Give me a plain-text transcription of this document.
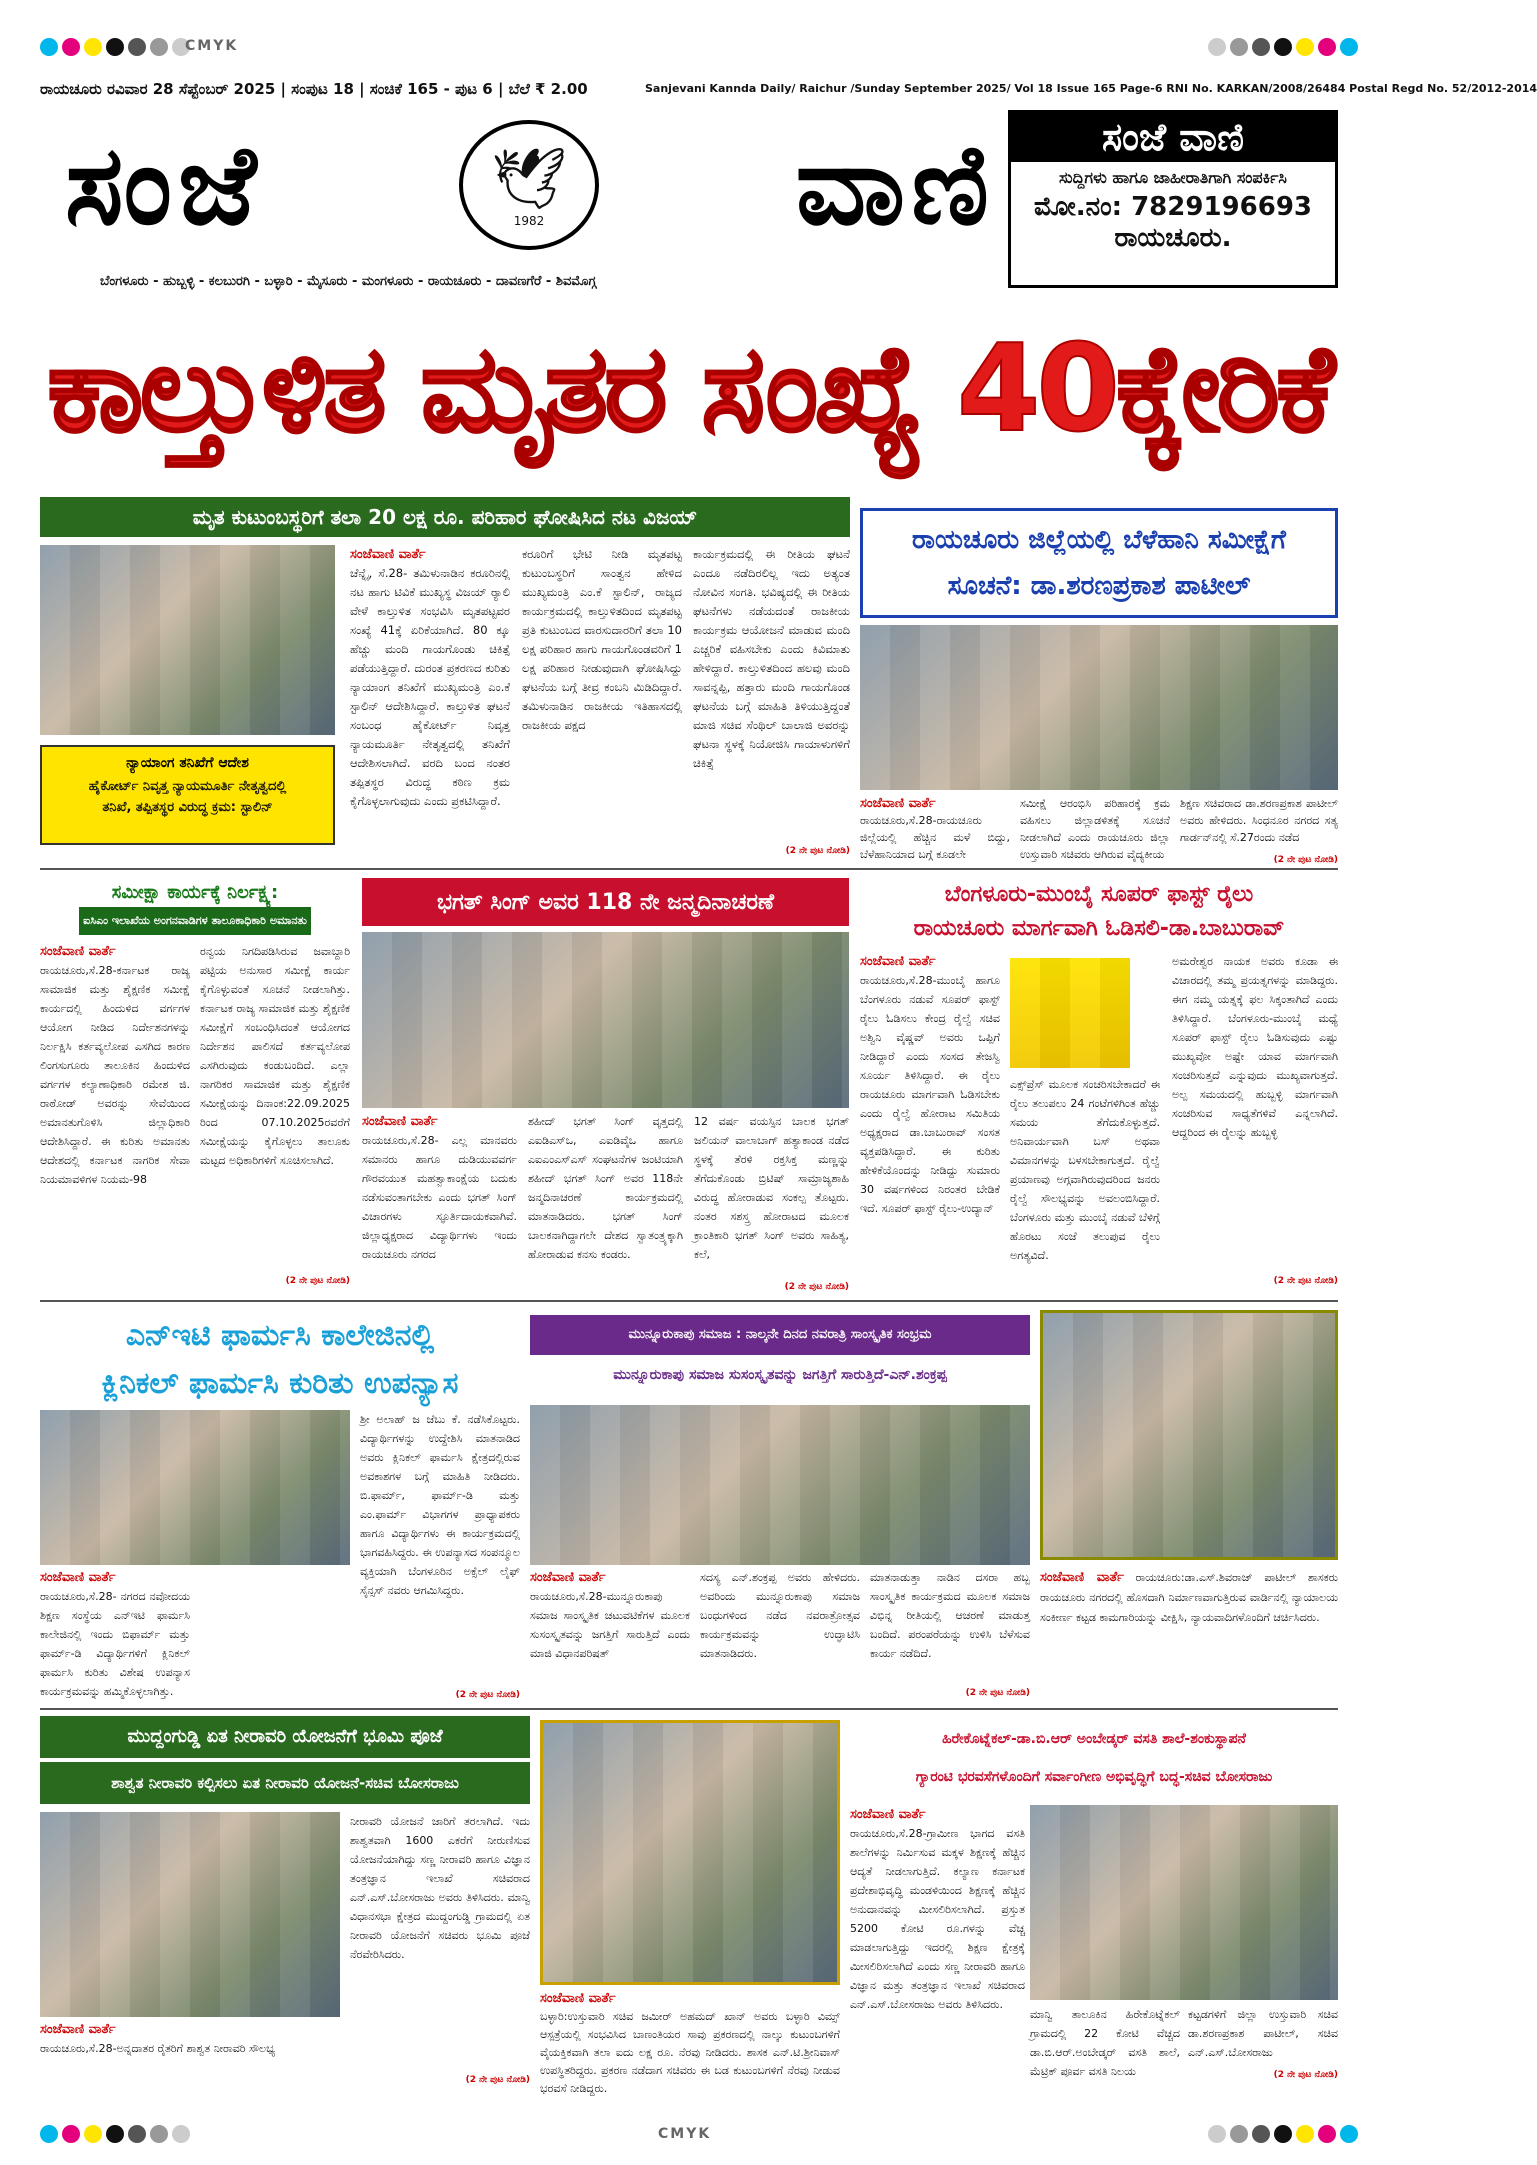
CMYK
CMYK
ರಾಯಚೂರು ರವಿವಾರ 28 ಸೆಪ್ಟೆಂಬರ್ 2025 | ಸಂಪುಟ 18 | ಸಂಚಿಕೆ 165 - ಪುಟ 6 | ಬೆಲೆ ₹ 2.00	Sanjevani Kannda Daily/ Raichur /Sunday September 2025/ Vol 18 Issue 165 Page-6 RNI No. KARKAN/2008/26484 Postal Regd No. 52/2012-2014
ಸಂಜೆ	🕊
1982 ವಾಣಿ
ಬೆಂಗಳೂರು - ಹುಬ್ಬಳ್ಳಿ - ಕಲಬುರಗಿ - ಬಳ್ಳಾರಿ - ಮೈಸೂರು - ಮಂಗಳೂರು - ರಾಯಚೂರು - ದಾವಣಗೆರೆ - ಶಿವಮೊಗ್ಗ
ಸಂಜೆ ವಾಣಿ
ಸುದ್ದಿಗಳು ಹಾಗೂ ಜಾಹೀರಾತಿಗಾಗಿ ಸಂಪರ್ಕಿಸಿ
ಮೋ.ನಂ: 7829196693
ರಾಯಚೂರು.
ಕಾಲ್ತುಳಿತ ಮೃತರ ಸಂಖ್ಯೆ 40ಕ್ಕೇರಿಕೆ
ಮೃತ ಕುಟುಂಬಸ್ಥರಿಗೆ ತಲಾ 20 ಲಕ್ಷ ರೂ. ಪರಿಹಾರ ಘೋಷಿಸಿದ ನಟ ವಿಜಯ್
ನ್ಯಾಯಾಂಗ ತನಿಖೆಗೆ ಆದೇಶ
ಹೈಕೋರ್ಟ್ ನಿವೃತ್ತ ನ್ಯಾಯಮೂರ್ತಿ ನೇತೃತ್ವದಲ್ಲಿ
ತನಿಖೆ, ತಪ್ಪಿತಸ್ಥರ ವಿರುದ್ಧ ಕ್ರಮ: ಸ್ಟಾಲಿನ್
ಸಂಜೆವಾಣಿ ವಾರ್ತೆ
ಚೆನ್ನೈ, ಸೆ.28- ತಮಿಳುನಾಡಿನ ಕರೂರಿನಲ್ಲಿ ನಟ ಹಾಗು ಟಿವಿಕೆ ಮುಖ್ಯಸ್ಥ ವಿಜಯ್ ರ್‍ಯಾಲಿ ವೇಳೆ ಕಾಲ್ತುಳಿತ ಸಂಭವಿಸಿ ಮೃತಪಟ್ಟವರ ಸಂಖ್ಯೆ 41ಕ್ಕೆ ಏರಿಕೆಯಾಗಿದೆ. 80 ಕ್ಕೂ ಹೆಚ್ಚು ಮಂದಿ ಗಾಯಗೊಂಡು ಚಿಕಿತ್ಸೆ ಪಡೆಯುತ್ತಿದ್ದಾರೆ. ದುರಂತ ಪ್ರಕರಣದ ಕುರಿತು ನ್ಯಾಯಾಂಗ ತನಿಖೆಗೆ ಮುಖ್ಯಮಂತ್ರಿ ಎಂ.ಕೆ ಸ್ಟಾಲಿನ್ ಆದೇಶಿಸಿದ್ದಾರೆ. ಕಾಲ್ತುಳಿತ ಘಟನೆ ಸಂಬಂಧ ಹೈಕೋರ್ಟ್ ನಿವೃತ್ತ ನ್ಯಾಯಮೂರ್ತಿ ನೇತೃತ್ವದಲ್ಲಿ ತನಿಖೆಗೆ ಆದೇಶಿಸಲಾಗಿದೆ. ವರದಿ ಬಂದ ನಂತರ ತಪ್ಪಿತಸ್ಥರ ವಿರುದ್ಧ ಕಠಿಣ ಕ್ರಮ ಕೈಗೊಳ್ಳಲಾಗುವುದು ಎಂದು ಪ್ರಕಟಿಸಿದ್ದಾರೆ.
ಕರೂರಿಗೆ ಭೇಟಿ ನೀಡಿ ಮೃತಪಟ್ಟ ಕುಟುಂಬಸ್ಥರಿಗೆ ಸಾಂತ್ವನ ಹೇಳಿದ ಮುಖ್ಯಮಂತ್ರಿ ಎಂ.ಕೆ ಸ್ಟಾಲಿನ್, ರಾಜ್ಯದ ಕಾರ್ಯಕ್ರಮದಲ್ಲಿ ಕಾಲ್ತುಳಿತದಿಂದ ಮೃತಪಟ್ಟ ಪ್ರತಿ ಕುಟುಂಬದ ವಾರಸುದಾರರಿಗೆ ತಲಾ 10 ಲಕ್ಷ ಪರಿಹಾರ ಹಾಗು ಗಾಯಗೊಂಡವರಿಗೆ 1 ಲಕ್ಷ ಪರಿಹಾರ ನೀಡುವುದಾಗಿ ಘೋಷಿಸಿದ್ದು ಘಟನೆಯ ಬಗ್ಗೆ ತೀವ್ರ ಕಂಬನಿ ಮಿಡಿದಿದ್ದಾರೆ. ತಮಿಳುನಾಡಿನ ರಾಜಕೀಯ ಇತಿಹಾಸದಲ್ಲಿ ರಾಜಕೀಯ ಪಕ್ಷದ
ಕಾರ್ಯಕ್ರಮದಲ್ಲಿ ಈ ರೀತಿಯ ಘಟನೆ ಎಂದೂ ನಡೆದಿರಲಿಲ್ಲ ಇದು ಅತ್ಯಂತ ನೋವಿನ ಸಂಗತಿ. ಭವಿಷ್ಯದಲ್ಲಿ ಈ ರೀತಿಯ ಘಟನೆಗಳು ನಡೆಯದಂತೆ ರಾಜಕೀಯ ಕಾರ್ಯಕ್ರಮ ಆಯೋಜನೆ ಮಾಡುವ ಮಂದಿ ಎಚ್ಚರಿಕೆ ವಹಿಸಬೇಕು ಎಂದು ಕಿವಿಮಾತು ಹೇಳಿದ್ದಾರೆ. ಕಾಲ್ತುಳಿತದಿಂದ ಹಲವು ಮಂದಿ ಸಾವನ್ನಪ್ಪಿ, ಹತ್ತಾರು ಮಂದಿ ಗಾಯಗೊಂಡ ಘಟನೆಯ ಬಗ್ಗೆ ಮಾಹಿತಿ ತಿಳಿಯುತ್ತಿದ್ದಂತೆ ಮಾಜಿ ಸಚಿವ ಸೆಂಥಿಲ್ ಬಾಲಾಜಿ ಅವರನ್ನು ಘಟನಾ ಸ್ಥಳಕ್ಕೆ ನಿಯೋಜಿಸಿ ಗಾಯಾಳುಗಳಿಗೆ ಚಿಕಿತ್ಸೆ
(2 ನೇ ಪುಟ ನೋಡಿ)
ರಾಯಚೂರು ಜಿಲ್ಲೆಯಲ್ಲಿ ಬೆಳೆಹಾನಿ ಸಮೀಕ್ಷೆಗೆ
ಸೂಚನೆ: ಡಾ.ಶರಣಪ್ರಕಾಶ ಪಾಟೀಲ್
ಸಂಜೆವಾಣಿ ವಾರ್ತೆ
ರಾಯಚೂರು,ಸೆ.28-ರಾಯಚೂರು ಜಿಲ್ಲೆಯಲ್ಲಿ ಹೆಚ್ಚಿನ ಮಳೆ ಬಿದ್ದು, ಬೆಳೆಹಾನಿಯಾದ ಬಗ್ಗೆ ಕೂಡಲೇ
ಸಮೀಕ್ಷೆ ಆರಂಭಿಸಿ ಪರಿಹಾರಕ್ಕೆ ಕ್ರಮ ವಹಿಸಲು ಜಿಲ್ಲಾಡಳಿತಕ್ಕೆ ಸೂಚನೆ ನೀಡಲಾಗಿದೆ ಎಂದು ರಾಯಚೂರು ಜಿಲ್ಲಾ ಉಸ್ತುವಾರಿ ಸಚಿವರು ಆಗಿರುವ ವೈದ್ಯಕೀಯ
ಶಿಕ್ಷಣ ಸಚಿವರಾದ ಡಾ.ಶರಣಪ್ರಕಾಶ ಪಾಟೀಲ್ ಅವರು ಹೇಳಿದರು. ಸಿಂಧನೂರ ನಗರದ ಸತ್ಯ ಗಾರ್ಡನ್‌ನಲ್ಲಿ ಸೆ.27ರಂದು ನಡೆದ
(2 ನೇ ಪುಟ ನೋಡಿ)
ಸಮೀಕ್ಷಾ ಕಾರ್ಯಕ್ಕೆ ನಿರ್ಲಕ್ಷ್ಯ:
ಐಸಿಎಂ ಇಲಾಖೆಯ ಅಂಗನವಾಡಿಗಳ ತಾಲೂಕಾಧಿಕಾರಿ ಅಮಾನತು
ಸಂಜೆವಾಣಿ ವಾರ್ತೆ
ರಾಯಚೂರು,ಸೆ.28-ಕರ್ನಾಟಕ ರಾಜ್ಯ ಸಾಮಾಜಿಕ ಮತ್ತು ಶೈಕ್ಷಣಿಕ ಸಮೀಕ್ಷೆ ಕಾರ್ಯದಲ್ಲಿ ಹಿಂದುಳಿದ ವರ್ಗಗಳ ಆಯೋಗ ನೀಡಿದ ನಿರ್ದೇಶನಗಳನ್ನು ನಿರ್ಲಕ್ಷಿಸಿ ಕರ್ತವ್ಯಲೋಪ ಎಸಗಿದ ಕಾರಣ ಲಿಂಗಸುಗೂರು ತಾಲೂಕಿನ ಹಿಂದುಳಿದ ವರ್ಗಗಳ ಕಲ್ಯಾಣಾಧಿಕಾರಿ ರಮೇಶ ಜಿ. ರಾಠೋಡ್ ಅವರನ್ನು ಸೇವೆಯಿಂದ ಅಮಾನತುಗೊಳಿಸಿ ಜಿಲ್ಲಾಧಿಕಾರಿ ಆದೇಶಿಸಿದ್ದಾರೆ. ಈ ಕುರಿತು ಅಮಾನತು ಆದೇಶದಲ್ಲಿ ಕರ್ನಾಟಕ ನಾಗರಿಕ ಸೇವಾ ನಿಯಮಾವಳಿಗಳ ನಿಯಮ-98
ರನ್ವಯ ನಿಗದಿಪಡಿಸಿರುವ ಜವಾಬ್ದಾರಿ ಪಟ್ಟಿಯ ಅನುಸಾರ ಸಮೀಕ್ಷೆ ಕಾರ್ಯ ಕೈಗೊಳ್ಳುವಂತೆ ಸೂಚನೆ ನೀಡಲಾಗಿತ್ತು. ಕರ್ನಾಟಕ ರಾಜ್ಯ ಸಾಮಾಜಿಕ ಮತ್ತು ಶೈಕ್ಷಣಿಕ ಸಮೀಕ್ಷೆಗೆ ಸಂಬಂಧಿಸಿದಂತೆ ಆಯೋಗದ ನಿರ್ದೇಶನ ಪಾಲಿಸದೆ ಕರ್ತವ್ಯಲೋಪ ಎಸಗಿರುವುದು ಕಂಡುಬಂದಿದೆ. ಎಲ್ಲಾ ನಾಗರಿಕರ ಸಾಮಾಜಿಕ ಮತ್ತು ಶೈಕ್ಷಣಿಕ ಸಮೀಕ್ಷೆಯನ್ನು ದಿನಾಂಕ:22.09.2025 ರಿಂದ 07.10.2025ರವರೆಗೆ ಸಮೀಕ್ಷೆಯನ್ನು ಕೈಗೊಳ್ಳಲು ತಾಲೂಕು ಮಟ್ಟದ ಅಧಿಕಾರಿಗಳಿಗೆ ಸೂಚಿಸಲಾಗಿದೆ.
(2 ನೇ ಪುಟ ನೋಡಿ)
ಭಗತ್ ಸಿಂಗ್ ಅವರ 118 ನೇ ಜನ್ಮದಿನಾಚರಣೆ
ಸಂಜೆವಾಣಿ ವಾರ್ತೆ
ರಾಯಚೂರು,ಸೆ.28- ಎಲ್ಲ ಮಾನವರು ಸಮಾನರು ಹಾಗೂ ದುಡಿಯುವವರ್ಗ ಗೌರವಯುತ ಮಹತ್ವಾಕಾಂಕ್ಷೆಯ ಬದುಕು ನಡೆಸುವಂತಾಗಬೇಕು ಎಂದು ಭಗತ್ ಸಿಂಗ್ ವಿಚಾರಗಳು ಸ್ಫೂರ್ತಿದಾಯಕವಾಗಿವೆ. ಜಿಲ್ಲಾಧ್ಯಕ್ಷರಾದ ವಿದ್ಯಾರ್ಥಿಗಳು ಇಂದು ರಾಯಚೂರು ನಗರದ
ಶಹೀದ್ ಭಗತ್ ಸಿಂಗ್ ವೃತ್ತದಲ್ಲಿ ಎಐಡಿಎಸ್‌ಒ, ಎಐಡಿವೈಒ ಹಾಗೂ ಎಐಎಂಎಸ್‌ಎಸ್ ಸಂಘಟನೆಗಳ ಜಂಟಿಯಾಗಿ ಶಹೀದ್ ಭಗತ್ ಸಿಂಗ್ ಅವರ 118ನೇ ಜನ್ಮದಿನಾಚರಣೆ ಕಾರ್ಯಕ್ರಮದಲ್ಲಿ ಮಾತನಾಡಿದರು. ಭಗತ್ ಸಿಂಗ್ ಬಾಲಕನಾಗಿದ್ದಾಗಲೇ ದೇಶದ ಸ್ವಾತಂತ್ರ್ಯಕ್ಕಾಗಿ ಹೋರಾಡುವ ಕನಸು ಕಂಡರು.
12 ವರ್ಷ ವಯಸ್ಸಿನ ಬಾಲಕ ಭಗತ್ ಜಲಿಯನ್ ವಾಲಾಬಾಗ್ ಹತ್ಯಾಕಾಂಡ ನಡೆದ ಸ್ಥಳಕ್ಕೆ ತೆರಳಿ ರಕ್ತಸಿಕ್ತ ಮಣ್ಣನ್ನು ತೆಗೆದುಕೊಂಡು ಬ್ರಿಟಿಷ್ ಸಾಮ್ರಾಜ್ಯಶಾಹಿ ವಿರುದ್ಧ ಹೋರಾಡುವ ಸಂಕಲ್ಪ ತೊಟ್ಟರು. ನಂತರ ಸಶಸ್ತ್ರ ಹೋರಾಟದ ಮೂಲಕ ಕ್ರಾಂತಿಕಾರಿ ಭಗತ್ ಸಿಂಗ್ ಅವರು ಸಾಹಿತ್ಯ, ಕಲೆ,
(2 ನೇ ಪುಟ ನೋಡಿ)
ಬೆಂಗಳೂರು-ಮುಂಬೈ ಸೂಪರ್ ಫಾಸ್ಟ್ ರೈಲು
ರಾಯಚೂರು ಮಾರ್ಗವಾಗಿ ಓಡಿಸಲಿ-ಡಾ.ಬಾಬುರಾವ್
ಸಂಜೆವಾಣಿ ವಾರ್ತೆ
ರಾಯಚೂರು,ಸೆ.28-ಮುಂಬೈ ಹಾಗೂ ಬೆಂಗಳೂರು ನಡುವೆ ಸೂಪರ್ ಫಾಸ್ಟ್ ರೈಲು ಓಡಿಸಲು ಕೇಂದ್ರ ರೈಲ್ವೆ ಸಚಿವ ಅಶ್ವಿನಿ ವೈಷ್ಣವ್ ಅವರು ಒಪ್ಪಿಗೆ ನೀಡಿದ್ದಾರೆ ಎಂದು ಸಂಸದ ತೇಜಸ್ವಿ ಸೂರ್ಯ ತಿಳಿಸಿದ್ದಾರೆ. ಈ ರೈಲು ರಾಯಚೂರು ಮಾರ್ಗವಾಗಿ ಓಡಿಸಬೇಕು ಎಂದು ರೈಲ್ವೆ ಹೋರಾಟ ಸಮಿತಿಯ ಅಧ್ಯಕ್ಷರಾದ ಡಾ.ಬಾಬುರಾವ್ ಸಂಸತ ವ್ಯಕ್ತಪಡಿಸಿದ್ದಾರೆ. ಈ ಕುರಿತು ಹೇಳಿಕೆಯೊಂದನ್ನು ನೀಡಿದ್ದು ಸುಮಾರು 30 ವರ್ಷಗಳಿಂದ ನಿರಂತರ ಬೇಡಿಕೆ ಇದೆ. ಸೂಪರ್ ಫಾಸ್ಟ್ ರೈಲು-ಉದ್ಯಾನ್
ಎಕ್ಸ್‌ಪ್ರೆಸ್ ಮೂಲಕ ಸಂಚರಿಸಬೇಕಾದರೆ ಈ ರೈಲು ತಲುಪಲು 24 ಗಂಟೆಗಳಿಗಿಂತ ಹೆಚ್ಚು ಸಮಯ ತೆಗೆದುಕೊಳ್ಳುತ್ತದೆ. ಅನಿವಾರ್ಯವಾಗಿ ಬಸ್ ಅಥವಾ ವಿಮಾನಗಳನ್ನು ಬಳಸಬೇಕಾಗುತ್ತದೆ. ರೈಲ್ವೆ ಪ್ರಯಾಣವು ಅಗ್ಗವಾಗಿರುವುದರಿಂದ ಜನರು ರೈಲ್ವೆ ಸೌಲಭ್ಯವನ್ನು ಅವಲಂಬಿಸಿದ್ದಾರೆ. ಬೆಂಗಳೂರು ಮತ್ತು ಮುಂಬೈ ನಡುವೆ ಬೆಳಿಗ್ಗೆ ಹೊರಟು ಸಂಜೆ ತಲುಪುವ ರೈಲು ಅಗತ್ಯವಿದೆ.
ಅಮರೇಶ್ವರ ನಾಯಕ ಅವರು ಕೂಡಾ ಈ ವಿಚಾರದಲ್ಲಿ ತಮ್ಮ ಪ್ರಯತ್ನಗಳನ್ನು ಮಾಡಿದ್ದರು. ಈಗ ನಮ್ಮ ಯತ್ನಕ್ಕೆ ಫಲ ಸಿಕ್ಕಂತಾಗಿದೆ ಎಂದು ತಿಳಿಸಿದ್ದಾರೆ. ಬೆಂಗಳೂರು-ಮುಂಬೈ ಮಧ್ಯೆ ಸೂಪರ್ ಫಾಸ್ಟ್ ರೈಲು ಓಡಿಸುವುದು ಎಷ್ಟು ಮುಖ್ಯವೋ ಅಷ್ಟೇ ಯಾವ ಮಾರ್ಗವಾಗಿ ಸಂಚರಿಸುತ್ತದೆ ಎನ್ನುವುದು ಮುಖ್ಯವಾಗುತ್ತದೆ. ಅಲ್ಪ ಸಮಯದಲ್ಲಿ ಹುಬ್ಬಳ್ಳಿ ಮಾರ್ಗವಾಗಿ ಸಂಚರಿಸುವ ಸಾಧ್ಯತೆಗಳಿವೆ ಎನ್ನಲಾಗಿದೆ. ಆದ್ದರಿಂದ ಈ ರೈಲನ್ನು ಹುಬ್ಬಳ್ಳಿ
(2 ನೇ ಪುಟ ನೋಡಿ)
ಎನ್‌ಇಟಿ ಫಾರ್ಮಸಿ ಕಾಲೇಜಿನಲ್ಲಿ
ಕ್ಲಿನಿಕಲ್ ಫಾರ್ಮಸಿ ಕುರಿತು ಉಪನ್ಯಾಸ
ಸಂಜೆವಾಣಿ ವಾರ್ತೆ
ರಾಯಚೂರು,ಸೆ.28- ನಗರದ ನವೋದಯ ಶಿಕ್ಷಣ ಸಂಸ್ಥೆಯ ಎನ್‌ಇಟಿ ಫಾರ್ಮಸಿ ಕಾಲೇಜಿನಲ್ಲಿ ಇಂದು ಬಿಫಾರ್ಮ್ ಮತ್ತು ಫಾರ್ಮ್-ಡಿ ವಿದ್ಯಾರ್ಥಿಗಳಿಗೆ ಕ್ಲಿನಿಕಲ್ ಫಾರ್ಮಸಿ ಕುರಿತು ವಿಶೇಷ ಉಪನ್ಯಾಸ ಕಾರ್ಯಕ್ರಮವನ್ನು ಹಮ್ಮಿಕೊಳ್ಳಲಾಗಿತ್ತು.
ಶ್ರೀ ಅಲಾಹ್ ಜ ಜೆಬು ಕೆ. ನಡೆಸಿಕೊಟ್ಟರು. ವಿದ್ಯಾರ್ಥಿಗಳನ್ನು ಉದ್ದೇಶಿಸಿ ಮಾತನಾಡಿದ ಅವರು ಕ್ಲಿನಿಕಲ್ ಫಾರ್ಮಸಿ ಕ್ಷೇತ್ರದಲ್ಲಿರುವ ಅವಕಾಶಗಳ ಬಗ್ಗೆ ಮಾಹಿತಿ ನೀಡಿದರು. ಬಿ.ಫಾರ್ಮ್, ಫಾರ್ಮ್-ಡಿ ಮತ್ತು ಎಂ.ಫಾರ್ಮ್ ವಿಭಾಗಗಳ ಪ್ರಾಧ್ಯಾಪಕರು ಹಾಗೂ ವಿದ್ಯಾರ್ಥಿಗಳು ಈ ಕಾರ್ಯಕ್ರಮದಲ್ಲಿ ಭಾಗವಹಿಸಿದ್ದರು. ಈ ಉಪನ್ಯಾಸದ ಸಂಪನ್ಮೂಲ ವ್ಯಕ್ತಿಯಾಗಿ ಬೆಂಗಳೂರಿನ ಅಕ್ಸೆಲ್ ಲೈಫ್ ಸೈನ್ಸಸ್ ನವರು ಆಗಮಿಸಿದ್ದರು.
(2 ನೇ ಪುಟ ನೋಡಿ)
ಮುನ್ನೂರುಕಾಪು ಸಮಾಜ : ನಾಲ್ಕನೇ ದಿನದ ನವರಾತ್ರಿ ಸಾಂಸ್ಕೃತಿಕ ಸಂಭ್ರಮ
ಮುನ್ನೂರುಕಾಪು ಸಮಾಜ ಸುಸಂಸ್ಕೃತವನ್ನು ಜಗತ್ತಿಗೆ ಸಾರುತ್ತಿದೆ-ಎನ್.ಶಂಕ್ರಪ್ಪ
ಸಂಜೆವಾಣಿ ವಾರ್ತೆ
ರಾಯಚೂರು,ಸೆ.28-ಮುನ್ನೂರುಕಾಪು ಸಮಾಜ ಸಾಂಸ್ಕೃತಿಕ ಚಟುವಟಿಕೆಗಳ ಮೂಲಕ ಸುಸಂಸ್ಕೃತವನ್ನು ಜಗತ್ತಿಗೆ ಸಾರುತ್ತಿದೆ ಎಂದು ಮಾಜಿ ವಿಧಾನಪರಿಷತ್
ಸದಸ್ಯ ಎನ್.ಶಂಕ್ರಪ್ಪ ಅವರು ಹೇಳಿದರು. ಅವರಿಂದು ಮುನ್ನೂರುಕಾಪು ಸಮಾಜ ಬಂಧುಗಳಿಂದ ನಡೆದ ನವರಾತ್ರೋತ್ಸವ ಕಾರ್ಯಕ್ರಮವನ್ನು ಉದ್ಘಾಟಿಸಿ ಮಾತನಾಡಿದರು.
ಮಾತನಾಡುತ್ತಾ ನಾಡಿನ ದಸರಾ ಹಬ್ಬ ಸಾಂಸ್ಕೃತಿಕ ಕಾರ್ಯಕ್ರಮದ ಮೂಲಕ ಸಮಾಜ ವಿಭಿನ್ನ ರೀತಿಯಲ್ಲಿ ಆಚರಣೆ ಮಾಡುತ್ತ ಬಂದಿದೆ. ಪರಂಪರೆಯನ್ನು ಉಳಿಸಿ ಬೆಳೆಸುವ ಕಾರ್ಯ ನಡೆದಿದೆ.
(2 ನೇ ಪುಟ ನೋಡಿ)
ಸಂಜೆವಾಣಿ ವಾರ್ತೆ ರಾಯಚೂರು:ಡಾ.ಎಸ್.ಶಿವರಾಜ್ ಪಾಟೀಲ್ ಶಾಸಕರು ರಾಯಚೂರು ನಗರದಲ್ಲಿ ಹೊಸದಾಗಿ ನಿರ್ಮಾಣವಾಗುತ್ತಿರುವ ವಾರ್ಡಿನಲ್ಲಿ ನ್ಯಾಯಾಲಯ ಸಂಕೀರ್ಣ ಕಟ್ಟಡ ಕಾಮಗಾರಿಯನ್ನು ವೀಕ್ಷಿಸಿ, ನ್ಯಾಯವಾದಿಗಳೊಂದಿಗೆ ಚರ್ಚಿಸಿದರು.
ಮುದ್ದಂಗುಡ್ಡಿ ಏತ ನೀರಾವರಿ ಯೋಜನೆಗೆ ಭೂಮಿ ಪೂಜೆ
ಶಾಶ್ವತ ನೀರಾವರಿ ಕಲ್ಪಿಸಲು ಏತ ನೀರಾವರಿ ಯೋಜನೆ-ಸಚಿವ ಬೋಸರಾಜು
ಸಂಜೆವಾಣಿ ವಾರ್ತೆ
ರಾಯಚೂರು,ಸೆ.28-ಅನ್ನದಾತರ ರೈತರಿಗೆ ಶಾಶ್ವತ ನೀರಾವರಿ ಸೌಲಭ್ಯ
ನೀರಾವರಿ ಯೋಜನೆ ಜಾರಿಗೆ ತರಲಾಗಿದೆ. ಇದು ಶಾಶ್ವತವಾಗಿ 1600 ಎಕರೆಗೆ ನೀರುಣಿಸುವ ಯೋಜನೆಯಾಗಿದ್ದು ಸಣ್ಣ ನೀರಾವರಿ ಹಾಗೂ ವಿಜ್ಞಾನ ತಂತ್ರಜ್ಞಾನ ಇಲಾಖೆ ಸಚಿವರಾದ ಎನ್.ಎಸ್.ಬೋಸರಾಜು ಅವರು ತಿಳಿಸಿದರು. ಮಾನ್ವಿ ವಿಧಾನಸಭಾ ಕ್ಷೇತ್ರದ ಮುದ್ದಂಗುಡ್ಡಿ ಗ್ರಾಮದಲ್ಲಿ ಏತ ನೀರಾವರಿ ಯೋಜನೆಗೆ ಸಚಿವರು ಭೂಮಿ ಪೂಜೆ ನೆರವೇರಿಸಿದರು.
(2 ನೇ ಪುಟ ನೋಡಿ)
ಸಂಜೆವಾಣಿ ವಾರ್ತೆ
ಬಳ್ಳಾರಿ:ಉಸ್ತುವಾರಿ ಸಚಿವ ಜಮೀರ್ ಅಹಮದ್ ಖಾನ್ ಅವರು ಬಳ್ಳಾರಿ ವಿಮ್ಸ್ ಆಸ್ಪತ್ರೆಯಲ್ಲಿ ಸಂಭವಿಸಿದ ಬಾಣಂತಿಯರ ಸಾವು ಪ್ರಕರಣದಲ್ಲಿ ನಾಲ್ಕು ಕುಟುಂಬಗಳಿಗೆ ವೈಯಕ್ತಿಕವಾಗಿ ತಲಾ ಐದು ಲಕ್ಷ ರೂ. ನೆರವು ನೀಡಿದರು. ಶಾಸಕ ಎನ್.ಟಿ.ಶ್ರೀನಿವಾಸ್ ಉಪಸ್ಥಿತರಿದ್ದರು. ಪ್ರಕರಣ ನಡೆದಾಗ ಸಚಿವರು ಈ ಬಡ ಕುಟುಂಬಗಳಿಗೆ ನೆರವು ನೀಡುವ ಭರವಸೆ ನೀಡಿದ್ದರು.
ಹಿರೇಕೊಟ್ನೆಕಲ್-ಡಾ.ಬಿ.ಆರ್ ಅಂಬೇಡ್ಕರ್ ವಸತಿ ಶಾಲೆ-ಶಂಕುಸ್ಥಾಪನೆ
ಗ್ಯಾರಂಟಿ ಭರವಸೆಗಳೊಂದಿಗೆ ಸರ್ವಾಂಗೀಣ ಅಭಿವೃದ್ಧಿಗೆ ಬದ್ಧ-ಸಚಿವ ಬೋಸರಾಜು
ಸಂಜೆವಾಣಿ ವಾರ್ತೆ
ರಾಯಚೂರು,ಸೆ.28-ಗ್ರಾಮೀಣ ಭಾಗದ ವಸತಿ ಶಾಲೆಗಳನ್ನು ನಿರ್ಮಿಸುವ ಮಕ್ಕಳ ಶಿಕ್ಷಣಕ್ಕೆ ಹೆಚ್ಚಿನ ಆದ್ಯತೆ ನೀಡಲಾಗುತ್ತಿದೆ. ಕಲ್ಯಾಣ ಕರ್ನಾಟಕ ಪ್ರದೇಶಾಭಿವೃದ್ಧಿ ಮಂಡಳಿಯಿಂದ ಶಿಕ್ಷಣಕ್ಕೆ ಹೆಚ್ಚಿನ ಅನುದಾನವನ್ನು ಮೀಸಲಿರಿಸಲಾಗಿದೆ. ಪ್ರಸ್ತುತ 5200 ಕೋಟಿ ರೂ.ಗಳನ್ನು ವೆಚ್ಚ ಮಾಡಲಾಗುತ್ತಿದ್ದು ಇದರಲ್ಲಿ ಶಿಕ್ಷಣ ಕ್ಷೇತ್ರಕ್ಕೆ ಮೀಸಲಿರಿಸಲಾಗಿದೆ ಎಂದು ಸಣ್ಣ ನೀರಾವರಿ ಹಾಗೂ ವಿಜ್ಞಾನ ಮತ್ತು ತಂತ್ರಜ್ಞಾನ ಇಲಾಖೆ ಸಚಿವರಾದ ಎನ್.ಎಸ್.ಬೋಸರಾಜು ಅವರು ತಿಳಿಸಿದರು.
ಮಾನ್ವಿ ತಾಲೂಕಿನ ಹಿರೇಕೊಟ್ನೆಕಲ್ ಗ್ರಾಮದಲ್ಲಿ 22 ಕೋಟಿ ವೆಚ್ಚದ ಡಾ.ಬಿ.ಆರ್.ಅಂಬೇಡ್ಕರ್ ವಸತಿ ಶಾಲೆ, ಮೆಟ್ರಿಕ್ ಪೂರ್ವ ವಸತಿ ನಿಲಯ
ಕಟ್ಟಡಗಳಿಗೆ ಜಿಲ್ಲಾ ಉಸ್ತುವಾರಿ ಸಚಿವ ಡಾ.ಶರಣಪ್ರಕಾಶ ಪಾಟೀಲ್, ಸಚಿವ ಎನ್.ಎಸ್.ಬೋಸರಾಜು
(2 ನೇ ಪುಟ ನೋಡಿ)
